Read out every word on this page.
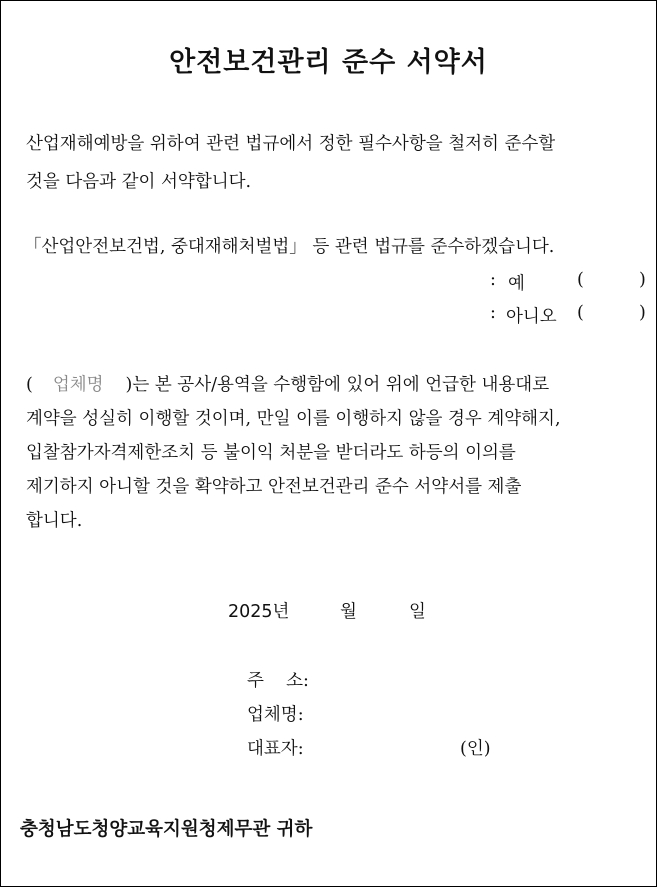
안전보건관리 준수 서약서
산업재해예방을 위하여 관련 법규에서 정한 필수사항을 철저히 준수할
것을 다음과 같이 서약합니다.
「산업안전보건법, 중대재해처벌법」 등 관련 법규를 준수하겠습니다.
: 예	(	)
: 아니오 (	)
( 업체명 )는 본 공사/용역을 수행함에 있어 위에 언급한 내용대로
계약을 성실히 이행할 것이며, 만일 이를 이행하지 않을 경우 계약해지,
입찰참가자격제한조치 등 불이익 처분을 받더라도 하등의 이의를
제기하지 아니할 것을 확약하고 안전보건관리 준수 서약서를 제출
합니다.
2025년	월	일
주    소:
업체명:
대표자:	(인)
충청남도청양교육지원청제무관 귀하
